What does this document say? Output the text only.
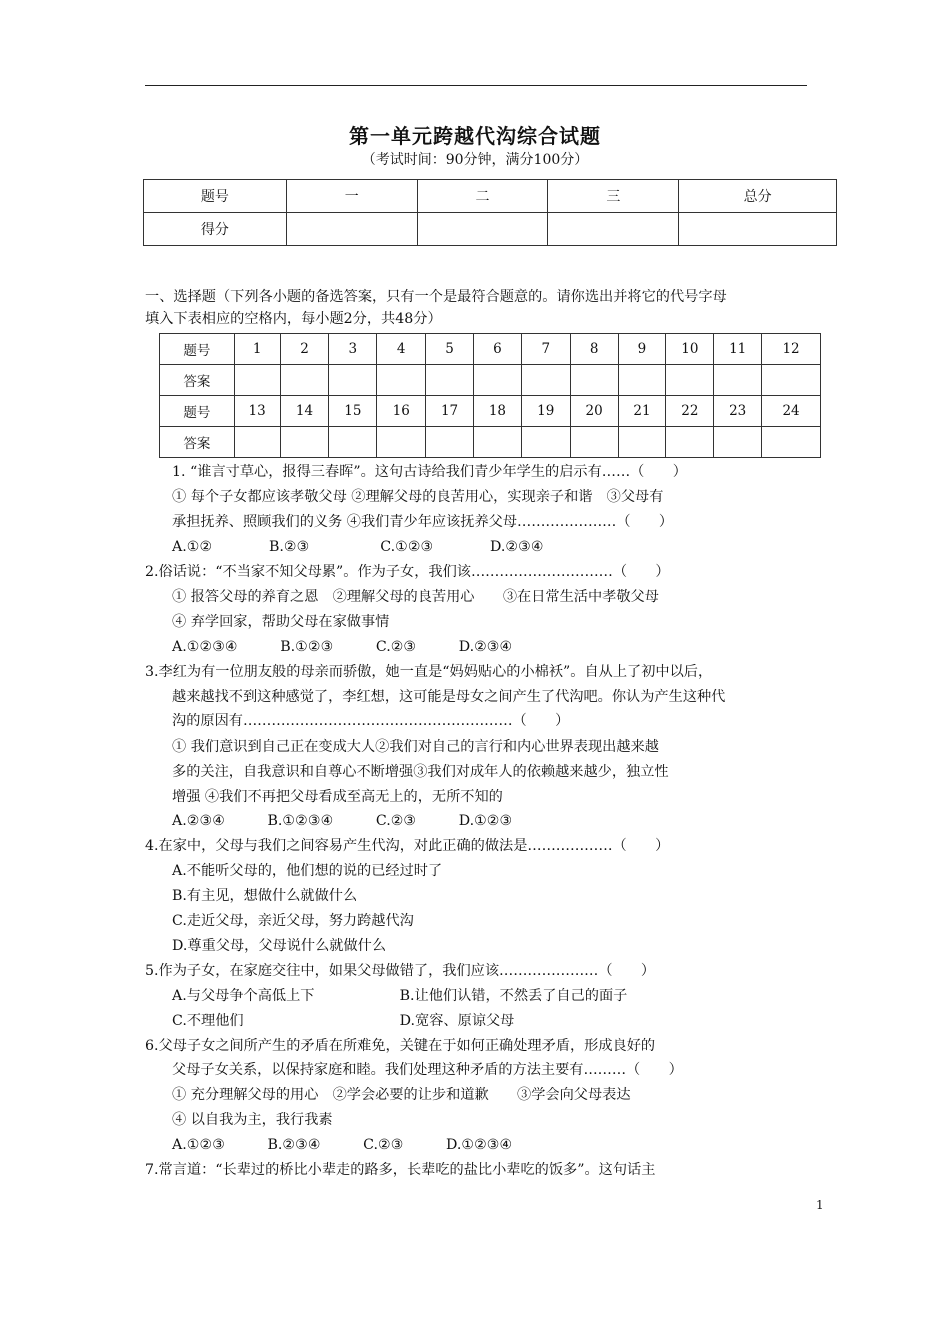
第一单元跨越代沟综合试题
（考试时间：90分钟，满分100分）
题号	一	二	三	总分
得分				
一、选择题（下列各小题的备选答案，只有一个是最符合题意的。请你选出并将它的代号字母
填入下表相应的空格内，每小题2分，共48分）
题号	1	2	3	4	5	6	7	8	9	10	11	12
答案												
题号	13	14	15	16	17	18	19	20	21	22	23	24
答案												
1. “谁言寸草心，报得三春晖”。这句古诗给我们青少年学生的启示有……（　　）
① 每个子女都应该孝敬父母 ②理解父母的良苦用心，实现亲子和谐　③父母有
承担抚养、照顾我们的义务 ④我们青少年应该抚养父母…………………（　　）
A.①②　　　　B.②③　　　　　C.①②③　　　　D.②③④
2.俗话说：“不当家不知父母累”。作为子女，我们该…………………………（　　）
① 报答父母的养育之恩　②理解父母的良苦用心　　③在日常生活中孝敬父母
④ 弃学回家，帮助父母在家做事情
A.①②③④　　　B.①②③　　　C.②③　　　D.②③④
3.李红为有一位朋友般的母亲而骄傲，她一直是“妈妈贴心的小棉袄”。自从上了初中以后，
越来越找不到这种感觉了，李红想，这可能是母女之间产生了代沟吧。你认为产生这种代
沟的原因有…………………………………………………（　　）
① 我们意识到自己正在变成大人②我们对自己的言行和内心世界表现出越来越
多的关注，自我意识和自尊心不断增强③我们对成年人的依赖越来越少，独立性
增强 ④我们不再把父母看成至高无上的，无所不知的
A.②③④　　　B.①②③④　　　C.②③　　　D.①②③
4.在家中，父母与我们之间容易产生代沟，对此正确的做法是………………（　　）
A.不能听父母的，他们想的说的已经过时了
B.有主见，想做什么就做什么
C.走近父母，亲近父母，努力跨越代沟
D.尊重父母，父母说什么就做什么
5.作为子女，在家庭交往中，如果父母做错了，我们应该…………………（　　）
A.与父母争个高低上下　　　　　　B.让他们认错，不然丢了自己的面子
C.不理他们　　　　　　　　　　　D.宽容、原谅父母
6.父母子女之间所产生的矛盾在所难免，关键在于如何正确处理矛盾，形成良好的
父母子女关系，以保持家庭和睦。我们处理这种矛盾的方法主要有………（　　）
① 充分理解父母的用心　②学会必要的让步和道歉　　③学会向父母表达
④ 以自我为主，我行我素
A.①②③　　　B.②③④　　　C.②③　　　D.①②③④
7.常言道：“长辈过的桥比小辈走的路多，长辈吃的盐比小辈吃的饭多”。这句话主
1
